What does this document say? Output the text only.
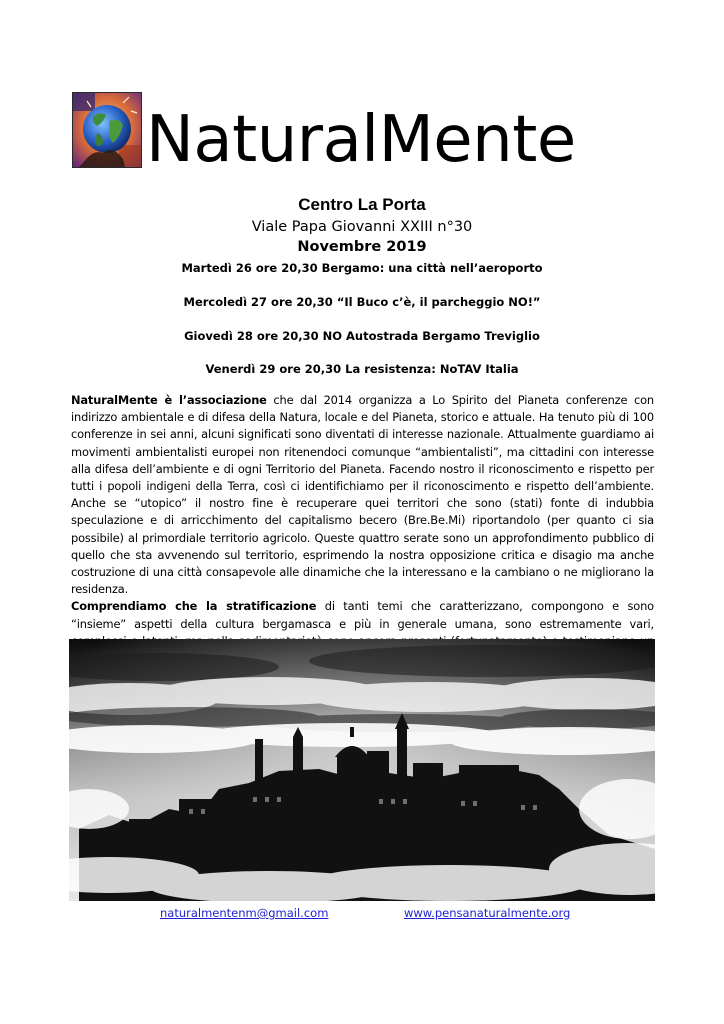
NaturalMente
Centro La Porta
Viale Papa Giovanni XXIII n°30
Novembre 2019
Martedì 26 ore 20,30 Bergamo: una città nell’aeroporto
Mercoledì 27 ore 20,30 “Il Buco c’è, il parcheggio NO!”
Giovedì 28 ore 20,30 NO Autostrada Bergamo Treviglio
Venerdì 29 ore 20,30 La resistenza: NoTAV Italia

NaturalMente è l’associazione che dal 2014 organizza a Lo Spirito del Pianeta conferenze con indirizzo ambientale e di difesa della Natura, locale e del Pianeta, storico e attuale. Ha tenuto più di 100 conferenze in sei anni, alcuni significati sono diventati di interesse nazionale. Attualmente guardiamo ai movimenti ambientalisti europei non ritenendoci comunque “ambientalisti”, ma cittadini con interesse alla difesa dell’ambiente e di ogni Territorio del Pianeta. Facendo nostro il riconoscimento e rispetto per tutti i popoli indigeni della Terra, così ci identifichiamo per il riconoscimento e rispetto dell’ambiente. Anche se “utopico” il nostro fine è recuperare quei territori che sono (stati) fonte di indubbia speculazione e di arricchimento del capitalismo becero (Bre.Be.Mi) riportandolo (per quanto ci sia possibile) al primordiale territorio agricolo. Queste quattro serate sono un approfondimento pubblico di quello che sta avvenendo sul territorio, esprimendo la nostra opposizione critica e disagio ma anche costruzione di una città consapevole alle dinamiche che la interessano e la cambiano o ne migliorano la residenza.

Comprendiamo che la stratificazione di tanti temi che caratterizzano, compongono e sono “insieme” aspetti della cultura bergamasca e più in generale umana, sono estremamente vari,

naturalmentenm@gmail.com	www.pensanaturalmente.org
